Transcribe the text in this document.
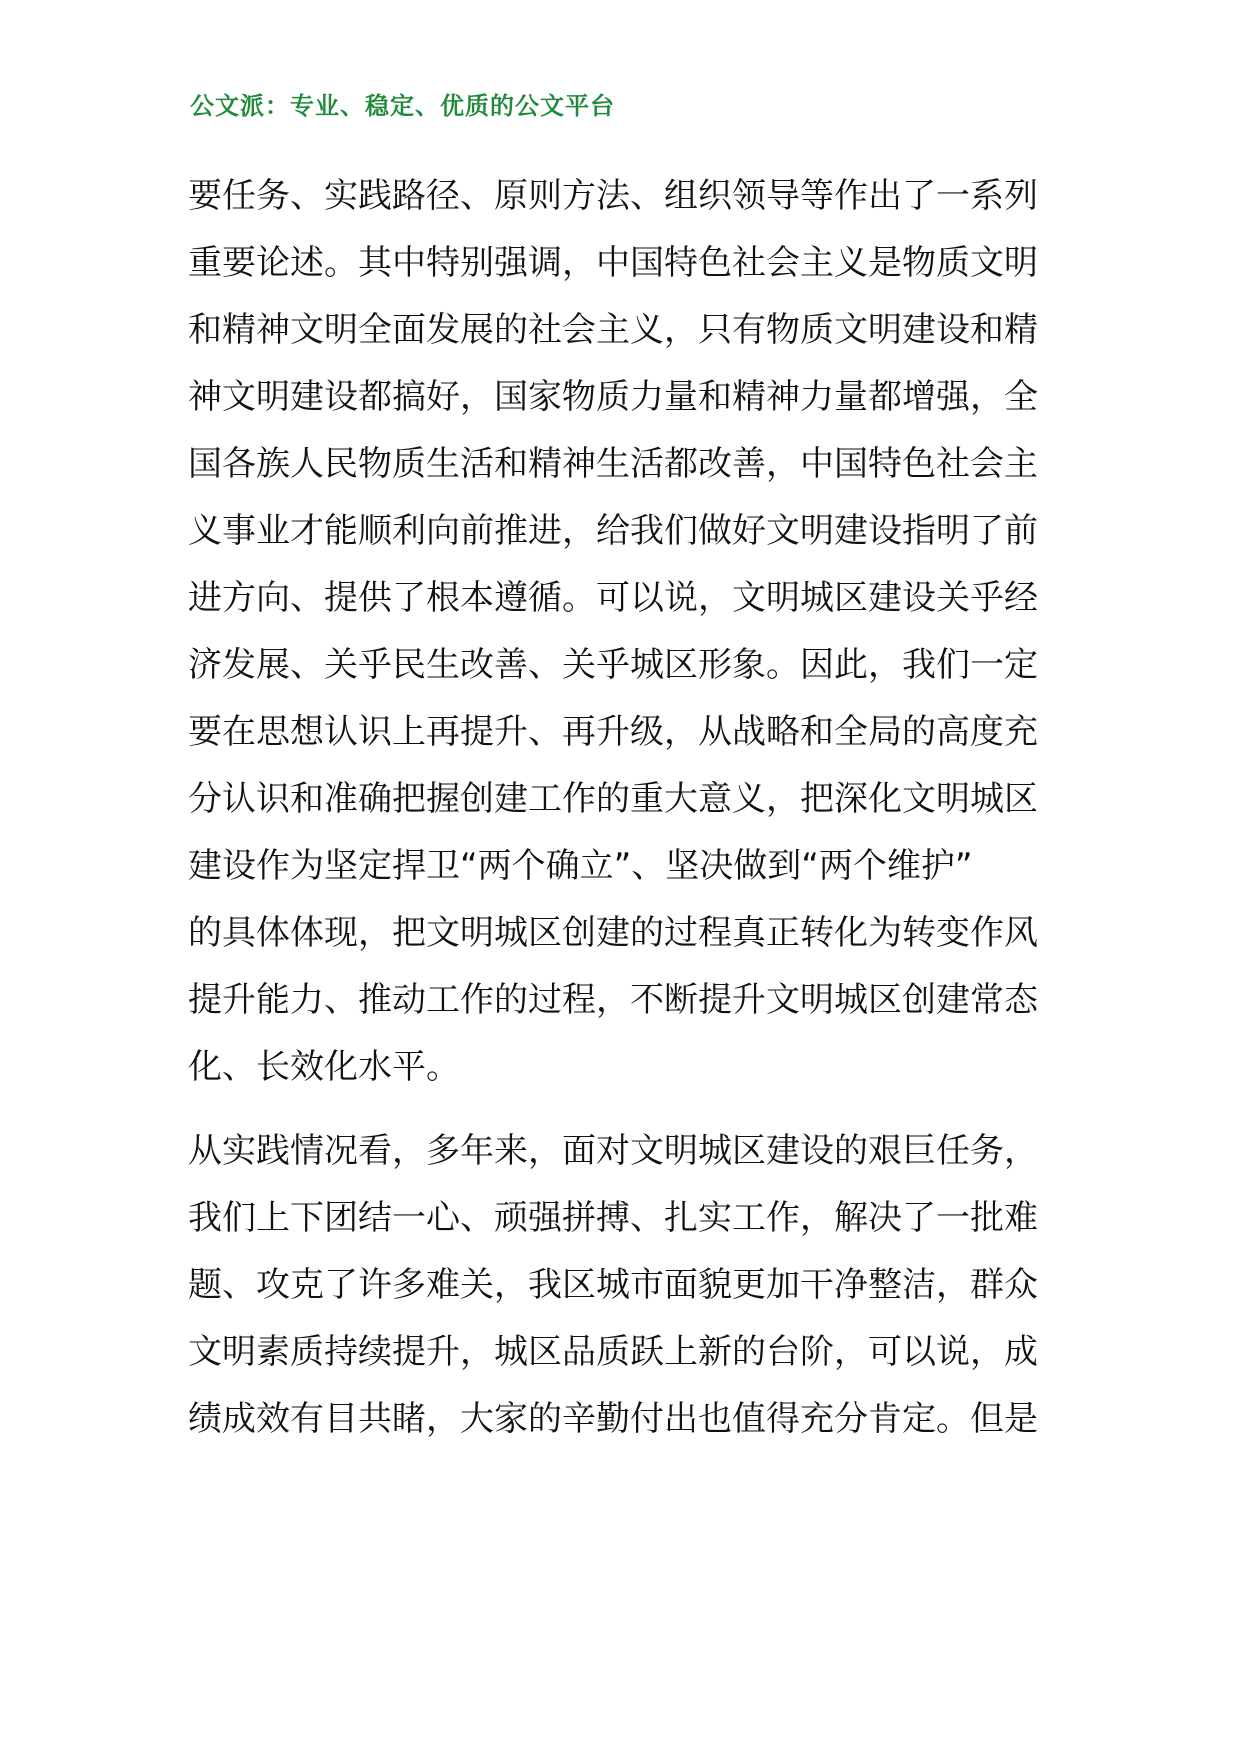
公文派：专业、稳定、优质的公文平台
要任务、实践路径、原则方法、组织领导等作出了一系列
重要论述。其中特别强调，中国特色社会主义是物质文明
和精神文明全面发展的社会主义，只有物质文明建设和精
神文明建设都搞好，国家物质力量和精神力量都增强，全
国各族人民物质生活和精神生活都改善，中国特色社会主
义事业才能顺利向前推进，给我们做好文明建设指明了前
进方向、提供了根本遵循。可以说，文明城区建设关乎经
济发展、关乎民生改善、关乎城区形象。因此，我们一定
要在思想认识上再提升、再升级，从战略和全局的高度充
分认识和准确把握创建工作的重大意义，把深化文明城区
建设作为坚定捍卫“两个确立”、坚决做到“两个维护”
的具体体现，把文明城区创建的过程真正转化为转变作风
提升能力、推动工作的过程，不断提升文明城区创建常态
化、长效化水平。
从实践情况看，多年来，面对文明城区建设的艰巨任务，
我们上下团结一心、顽强拼搏、扎实工作，解决了一批难
题、攻克了许多难关，我区城市面貌更加干净整洁，群众
文明素质持续提升，城区品质跃上新的台阶，可以说，成
绩成效有目共睹，大家的辛勤付出也值得充分肯定。但是
